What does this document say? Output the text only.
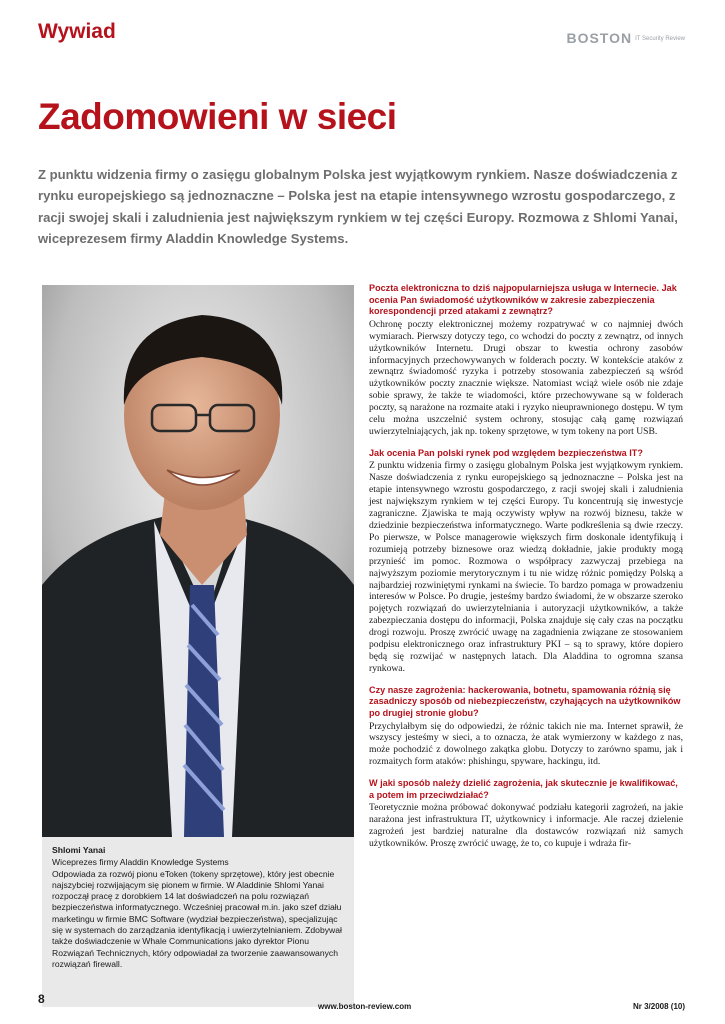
Wywiad	BOSTON IT Security Review
Zadomowieni w sieci

Z punktu widzenia firmy o zasięgu globalnym Polska jest wyjątkowym rynkiem. Nasze doświadczenia z rynku europejskiego są jednoznaczne – Polska jest na etapie intensywnego wzrostu gospodarczego, z racji swojej skali i zaludnienia jest największym rynkiem w tej części Europy. Rozmowa z Shlomi Yanai, wiceprezesem firmy Aladdin Knowledge Systems.

Shlomi Yanai
Wiceprezes firmy Aladdin Knowledge Systems
Odpowiada za rozwój pionu eToken (tokeny sprzętowe), który jest obecnie najszybciej rozwijającym się pionem w firmie. W Aladdinie Shlomi Yanai rozpoczął pracę z dorobkiem 14 lat doświadczeń na polu rozwiązań bezpieczeństwa informatycznego. Wcześniej pracował m.in. jako szef działu marketingu w firmie BMC Software (wydział bezpieczeństwa), specjalizując się w systemach do zarządzania identyfikacją i uwierzytelnianiem. Zdobywał także doświadczenie w Whale Communications jako dyrektor Pionu Rozwiązań Technicznych, który odpowiadał za tworzenie zaawansowanych rozwiązań firewall.

Poczta elektroniczna to dziś najpopularniejsza usługa w Internecie. Jak ocenia Pan świadomość użytkowników w zakresie zabezpieczenia korespondencji przed atakami z zewnątrz?

Ochronę poczty elektronicznej możemy rozpatrywać w co najmniej dwóch wymiarach. Pierwszy dotyczy tego, co wchodzi do poczty z zewnątrz, od innych użytkowników Internetu. Drugi obszar to kwestia ochrony zasobów informacyjnych przechowywanych w folderach poczty. W kontekście ataków z zewnątrz świadomość ryzyka i potrzeby stosowania zabezpieczeń są wśród użytkowników poczty znacznie większe. Natomiast wciąż wiele osób nie zdaje sobie sprawy, że także te wiadomości, które przechowywane są w folderach poczty, są narażone na rozmaite ataki i ryzyko nieuprawnionego dostępu. W tym celu można uszczelnić system ochrony, stosując całą gamę rozwiązań uwierzytelniających, jak np. tokeny sprzętowe, w tym tokeny na port USB.

Jak ocenia Pan polski rynek pod względem bezpieczeństwa IT?

Z punktu widzenia firmy o zasięgu globalnym Polska jest wyjątkowym rynkiem. Nasze doświadczenia z rynku europejskiego są jednoznaczne – Polska jest na etapie intensywnego wzrostu gospodarczego, z racji swojej skali i zaludnienia jest największym rynkiem w tej części Europy. Tu koncentrują się inwestycje zagraniczne. Zjawiska te mają oczywisty wpływ na rozwój biznesu, także w dziedzinie bezpieczeństwa informatycznego. Warte podkreślenia są dwie rzeczy. Po pierwsze, w Polsce managerowie większych firm doskonale identyfikują i rozumieją potrzeby biznesowe oraz wiedzą dokładnie, jakie produkty mogą przynieść im pomoc. Rozmowa o współpracy zazwyczaj przebiega na najwyższym poziomie merytorycznym i tu nie widzę różnic pomiędzy Polską a najbardziej rozwiniętymi rynkami na świecie. To bardzo pomaga w prowadzeniu interesów w Polsce. Po drugie, jesteśmy bardzo świadomi, że w obszarze szeroko pojętych rozwiązań do uwierzytelniania i autoryzacji użytkowników, a także zabezpieczania dostępu do informacji, Polska znajduje się cały czas na początku drogi rozwoju. Proszę zwrócić uwagę na zagadnienia związane ze stosowaniem podpisu elektronicznego oraz infrastruktury PKI – są to sprawy, które dopiero będą się rozwijać w następnych latach. Dla Aladdina to ogromna szansa rynkowa.

Czy nasze zagrożenia: hackerowania, botnetu, spamowania różnią się zasadniczy sposób od niebezpieczeństw, czyhających na użytkowników po drugiej stronie globu?

Przychylałbym się do odpowiedzi, że różnic takich nie ma. Internet sprawił, że wszyscy jesteśmy w sieci, a to oznacza, że atak wymierzony w każdego z nas, może pochodzić z dowolnego zakątka globu. Dotyczy to zarówno spamu, jak i rozmaitych form ataków: phishingu, spyware, hackingu, itd.

W jaki sposób należy dzielić zagrożenia, jak skutecznie je kwalifikować, a potem im przeciwdziałać?

Teoretycznie można próbować dokonywać podziału kategorii zagrożeń, na jakie narażona jest infrastruktura IT, użytkownicy i informacje. Ale raczej dzielenie zagrożeń jest bardziej naturalne dla dostawców rozwiązań niż samych użytkowników. Proszę zwrócić uwagę, że to, co kupuje i wdraża fir-

8
www.boston-review.com	Nr 3/2008 (10)
